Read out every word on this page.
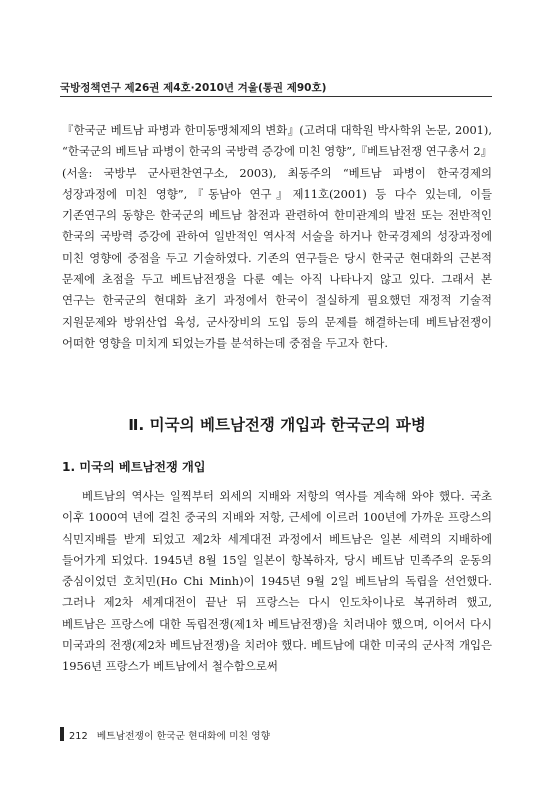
국방정책연구 제26권 제4호·2010년 겨울(통권 제90호)

『한국군 베트남 파병과 한미동맹체제의 변화』(고려대 대학원 박사학위 논문, 2001), “한국군의 베트남 파병이 한국의 국방력 증강에 미친 영향”,『베트남전쟁 연구총서 2』(서울: 국방부 군사편찬연구소, 2003), 최동주의 “베트남 파병이 한국경제의 성장과정에 미친 영향”,『동남아 연구』제11호(2001) 등 다수 있는데, 이들 기존연구의 동향은 한국군의 베트남 참전과 관련하여 한미관계의 발전 또는 전반적인 한국의 국방력 증강에 관하여 일반적인 역사적 서술을 하거나 한국경제의 성장과정에 미친 영향에 중점을 두고 기술하였다. 기존의 연구들은 당시 한국군 현대화의 근본적 문제에 초점을 두고 베트남전쟁을 다룬 예는 아직 나타나지 않고 있다. 그래서 본 연구는 한국군의 현대화 초기 과정에서 한국이 절실하게 필요했던 재정적 기술적 지원문제와 방위산업 육성, 군사장비의 도입 등의 문제를 해결하는데 베트남전쟁이 어떠한 영향을 미치게 되었는가를 분석하는데 중점을 두고자 한다.

Ⅱ. 미국의 베트남전쟁 개입과 한국군의 파병
1. 미국의 베트남전쟁 개입

베트남의 역사는 일찍부터 외세의 지배와 저항의 역사를 계속해 와야 했다. 국초 이후 1000여 년에 걸친 중국의 지배와 저항, 근세에 이르러 100년에 가까운 프랑스의 식민지배를 받게 되었고 제2차 세계대전 과정에서 베트남은 일본 세력의 지배하에 들어가게 되었다. 1945년 8월 15일 일본이 항복하자, 당시 베트남 민족주의 운동의 중심이었던 호치민(Ho Chi Minh)이 1945년 9월 2일 베트남의 독립을 선언했다. 그러나 제2차 세계대전이 끝난 뒤 프랑스는 다시 인도차이나로 복귀하려 했고, 베트남은 프랑스에 대한 독립전쟁(제1차 베트남전쟁)을 치러내야 했으며, 이어서 다시 미국과의 전쟁(제2차 베트남전쟁)을 치러야 했다. 베트남에 대한 미국의 군사적 개입은 1956년 프랑스가 베트남에서 철수함으로써

212 베트남전쟁이 한국군 현대화에 미친 영향
